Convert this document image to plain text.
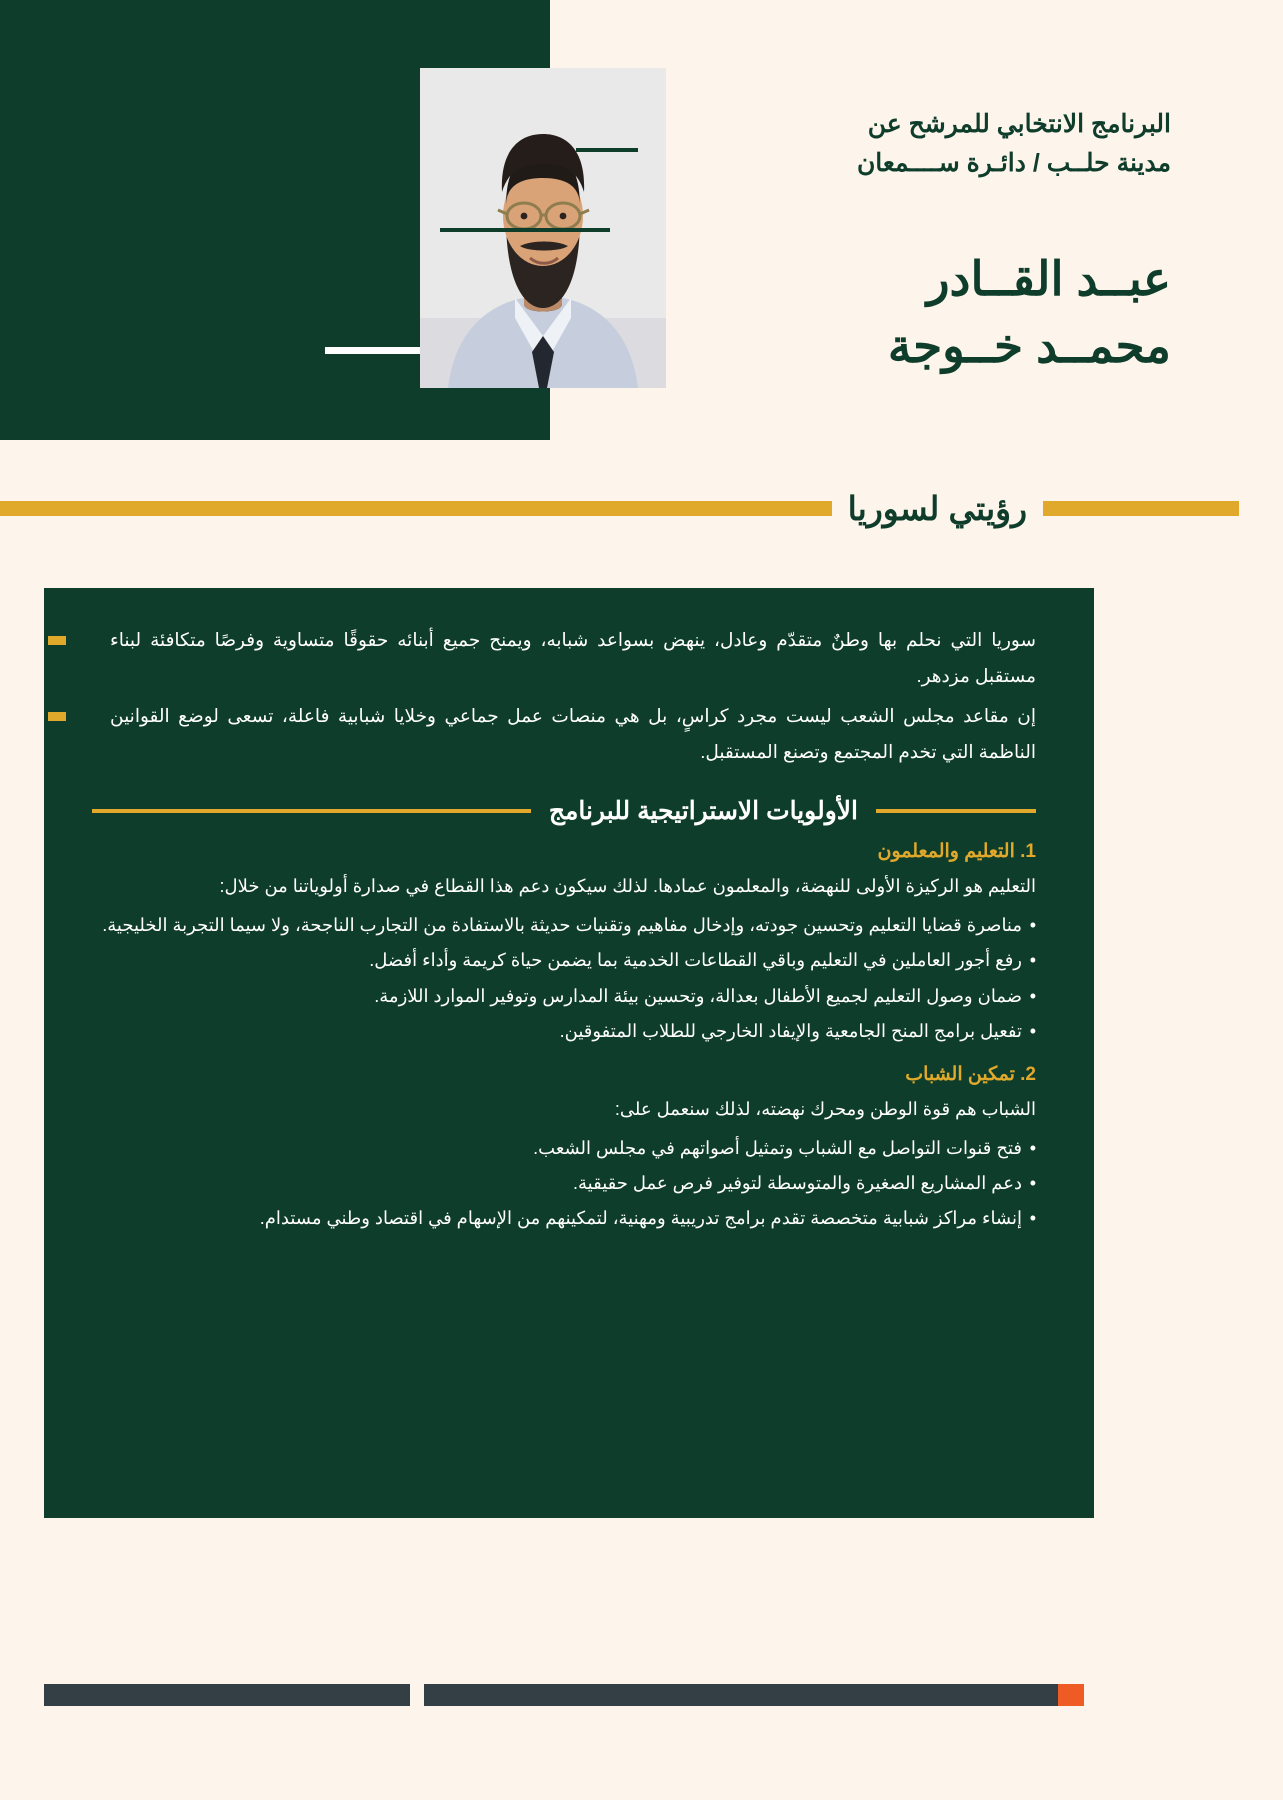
البرنامج الانتخابي للمرشح عن
مدينة حلــب / دائـرة ســــمعان
عبــد القــادر
محمــد خــوجة
رؤيتي لسوريا
سوريا التي نحلم بها وطنٌ متقدّم وعادل، ينهض بسواعد شبابه، ويمنح جميع أبنائه حقوقًا متساوية وفرصًا متكافئة لبناء مستقبل مزدهر.
إن مقاعد مجلس الشعب ليست مجرد كراسٍ، بل هي منصات عمل جماعي وخلايا شبابية فاعلة، تسعى لوضع القوانين الناظمة التي تخدم المجتمع وتصنع المستقبل.
الأولويات الاستراتيجية للبرنامج
1. التعليم والمعلمون
التعليم هو الركيزة الأولى للنهضة، والمعلمون عمادها. لذلك سيكون دعم هذا القطاع في صدارة أولوياتنا من خلال:
• مناصرة قضايا التعليم وتحسين جودته، وإدخال مفاهيم وتقنيات حديثة بالاستفادة من التجارب الناجحة، ولا سيما التجربة الخليجية.
• رفع أجور العاملين في التعليم وباقي القطاعات الخدمية بما يضمن حياة كريمة وأداء أفضل.
• ضمان وصول التعليم لجميع الأطفال بعدالة، وتحسين بيئة المدارس وتوفير الموارد اللازمة.
• تفعيل برامج المنح الجامعية والإيفاد الخارجي للطلاب المتفوقين.
2. تمكين الشباب
الشباب هم قوة الوطن ومحرك نهضته، لذلك سنعمل على:
• فتح قنوات التواصل مع الشباب وتمثيل أصواتهم في مجلس الشعب.
• دعم المشاريع الصغيرة والمتوسطة لتوفير فرص عمل حقيقية.
• إنشاء مراكز شبابية متخصصة تقدم برامج تدريبية ومهنية، لتمكينهم من الإسهام في اقتصاد وطني مستدام.
